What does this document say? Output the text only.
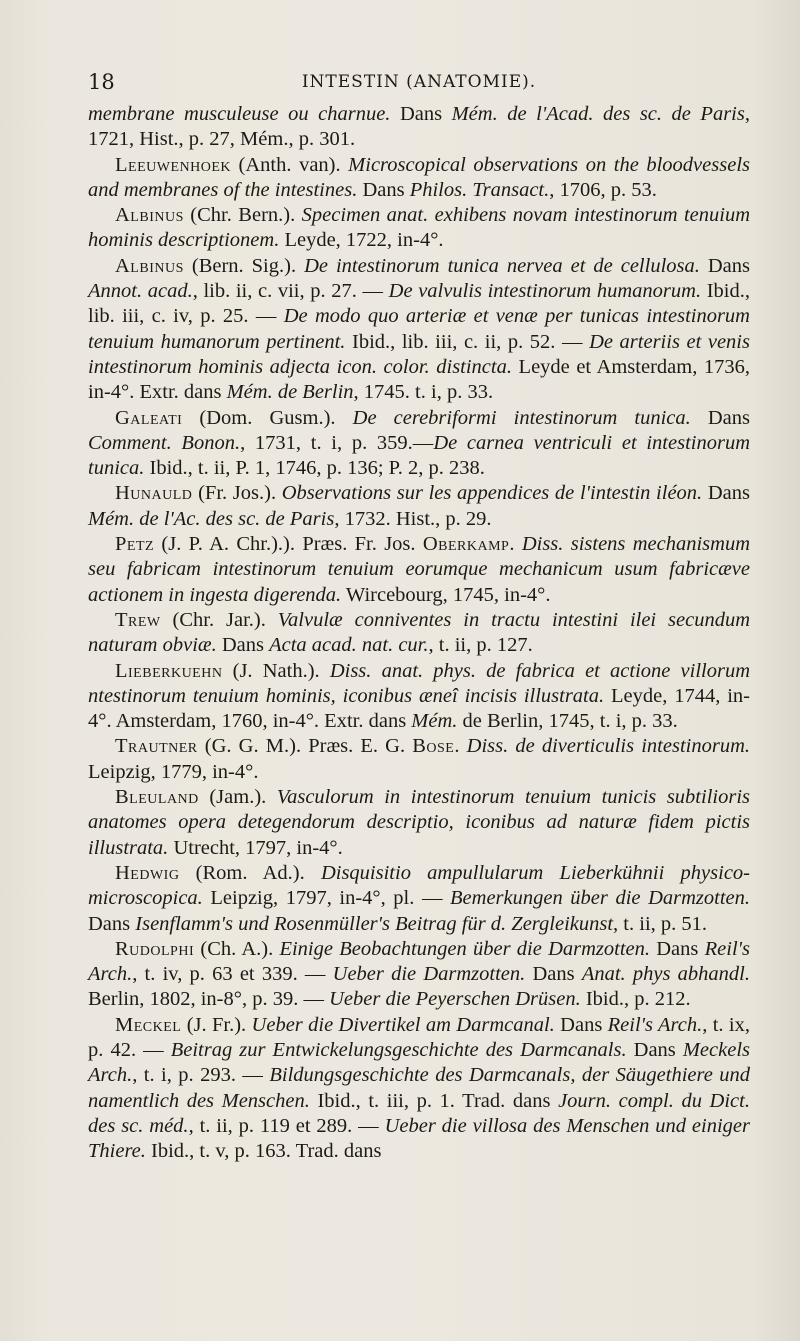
18	INTESTIN (ANATOMIE).

membrane musculeuse ou charnue. Dans Mém. de l'Acad. des sc. de Paris, 1721, Hist., p. 27, Mém., p. 301.

Leeuwenhoek (Anth. van). Microscopical observations on the bloodvessels and membranes of the intestines. Dans Philos. Transact., 1706, p. 53.

Albinus (Chr. Bern.). Specimen anat. exhibens novam intestinorum tenuium hominis descriptionem. Leyde, 1722, in-4°.

Albinus (Bern. Sig.). De intestinorum tunica nervea et de cellulosa. Dans Annot. acad., lib. ii, c. vii, p. 27. — De valvulis intestinorum humanorum. Ibid., lib. iii, c. iv, p. 25. — De modo quo arteriæ et venæ per tunicas intestinorum tenuium humanorum pertinent. Ibid., lib. iii, c. ii, p. 52. — De arteriis et venis intestinorum hominis adjecta icon. color. distincta. Leyde et Amsterdam, 1736, in-4°. Extr. dans Mém. de Berlin, 1745. t. i, p. 33.

Galeati (Dom. Gusm.). De cerebriformi intestinorum tunica. Dans Comment. Bonon., 1731, t. i, p. 359.—De carnea ventriculi et intestinorum tunica. Ibid., t. ii, P. 1, 1746, p. 136; P. 2, p. 238.

Hunauld (Fr. Jos.). Observations sur les appendices de l'intestin iléon. Dans Mém. de l'Ac. des sc. de Paris, 1732. Hist., p. 29.

Petz (J. P. A. Chr.).). Præs. Fr. Jos. Oberkamp. Diss. sistens mechanismum seu fabricam intestinorum tenuium eorumque mechanicum usum fabricæve actionem in ingesta digerenda. Wircebourg, 1745, in-4°.

Trew (Chr. Jar.). Valvulæ conniventes in tractu intestini ilei secundum naturam obviæ. Dans Acta acad. nat. cur., t. ii, p. 127.

Lieberkuehn (J. Nath.). Diss. anat. phys. de fabrica et actione villorum ntestinorum tenuium hominis, iconibus æneî incisis illustrata. Leyde, 1744, in-4°. Amsterdam, 1760, in-4°. Extr. dans Mém. de Berlin, 1745, t. i, p. 33.

Trautner (G. G. M.). Præs. E. G. Bose. Diss. de diverticulis intestinorum. Leipzig, 1779, in-4°.

Bleuland (Jam.). Vasculorum in intestinorum tenuium tunicis subtilioris anatomes opera detegendorum descriptio, iconibus ad naturæ fidem pictis illustrata. Utrecht, 1797, in-4°.

Hedwig (Rom. Ad.). Disquisitio ampullularum Lieberkühnii physico-microscopica. Leipzig, 1797, in-4°, pl. — Bemerkungen über die Darmzotten. Dans Isenflamm's und Rosenmüller's Beitrag für d. Zergleikunst, t. ii, p. 51.

Rudolphi (Ch. A.). Einige Beobachtungen über die Darmzotten. Dans Reil's Arch., t. iv, p. 63 et 339. — Ueber die Darmzotten. Dans Anat. phys abhandl. Berlin, 1802, in-8°, p. 39. — Ueber die Peyerschen Drüsen. Ibid., p. 212.

Meckel (J. Fr.). Ueber die Divertikel am Darmcanal. Dans Reil's Arch., t. ix, p. 42. — Beitrag zur Entwickelungsgeschichte des Darmcanals. Dans Meckels Arch., t. i, p. 293. — Bildungsgeschichte des Darmcanals, der Säugethiere und namentlich des Menschen. Ibid., t. iii, p. 1. Trad. dans Journ. compl. du Dict. des sc. méd., t. ii, p. 119 et 289. — Ueber die villosa des Menschen und einiger Thiere. Ibid., t. v, p. 163. Trad. dans
